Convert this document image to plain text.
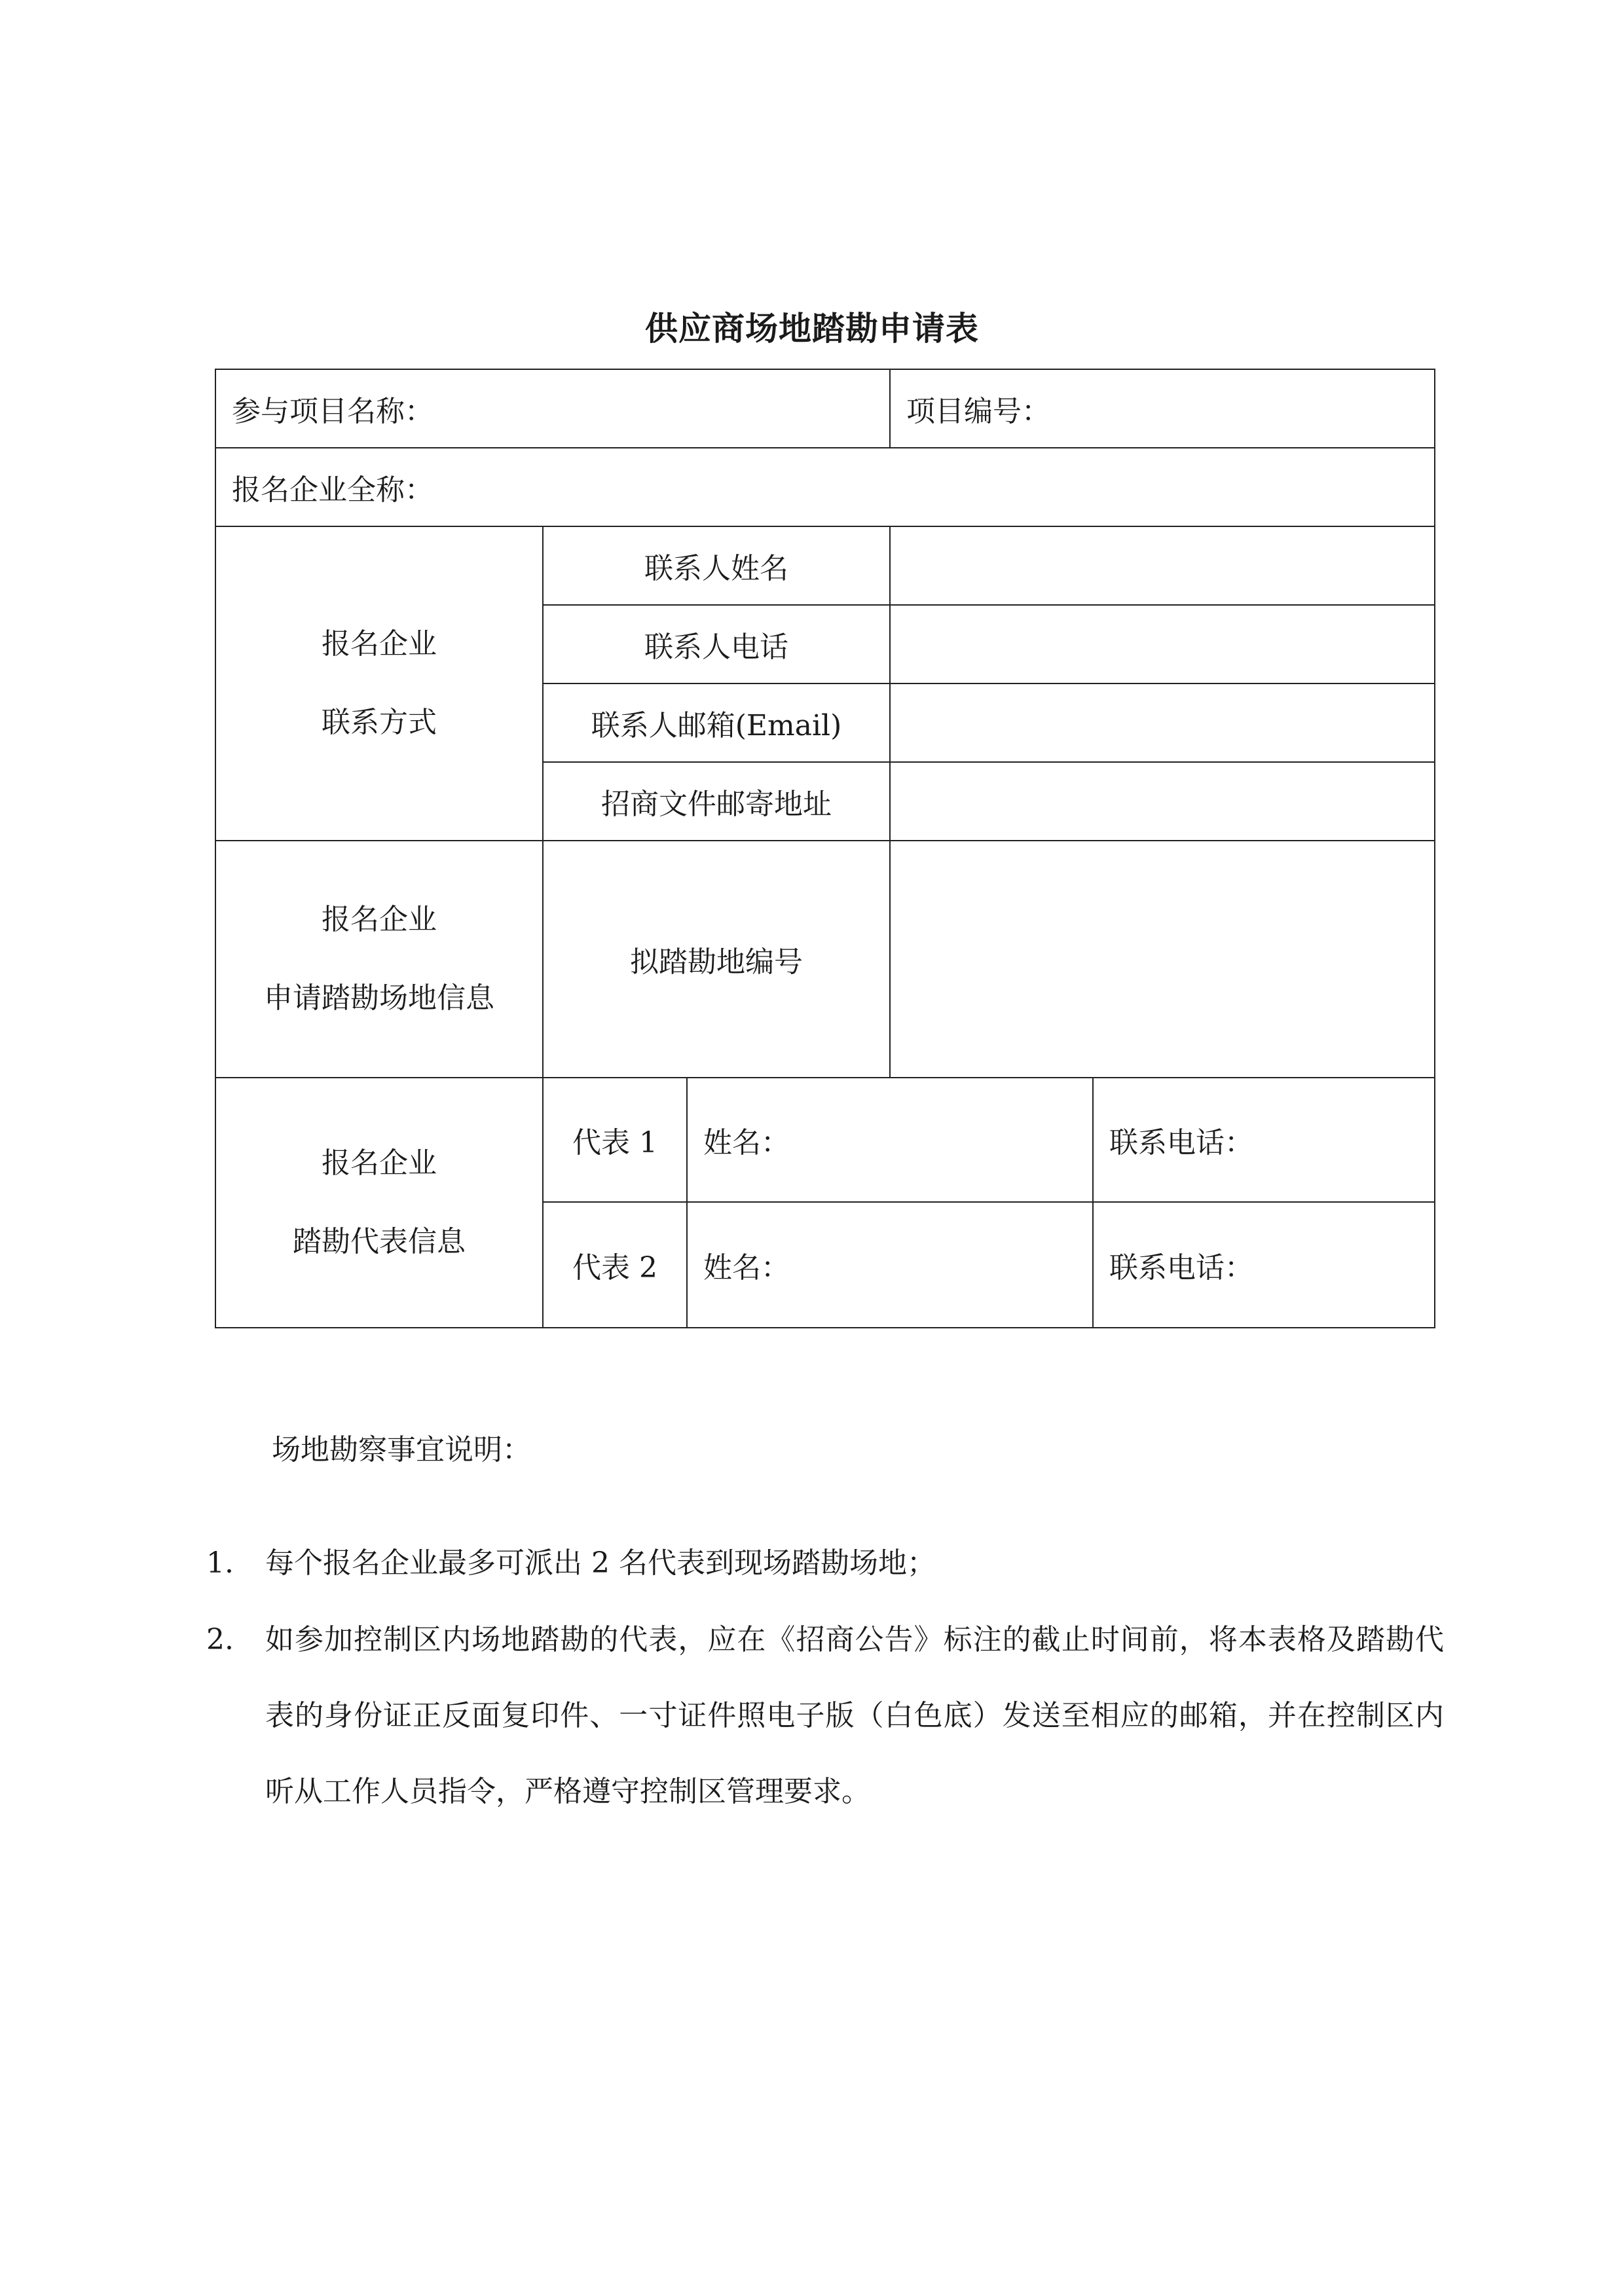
供应商场地踏勘申请表
参与项目名称：			项目编号：	
报名企业全称：				

报名企业
联系方式	联系人姓名			
	联系人电话			
	联系人邮箱(Email)			
	招商文件邮寄地址			

报名企业
申请踏勘场地信息	拟踏勘地编号			

报名企业
踏勘代表信息	代表 1	姓名：		联系电话：
	代表 2	姓名：		联系电话：

场地勘察事宜说明：

1.	每个报名企业最多可派出 2 名代表到现场踏勘场地；

2.	如参加控制区内场地踏勘的代表，应在《招商公告》标注的截止时间前，将本表格及踏勘代表的身份证正反面复印件、一寸证件照电子版（白色底）发送至相应的邮箱，并在控制区内听从工作人员指令，严格遵守控制区管理要求。
